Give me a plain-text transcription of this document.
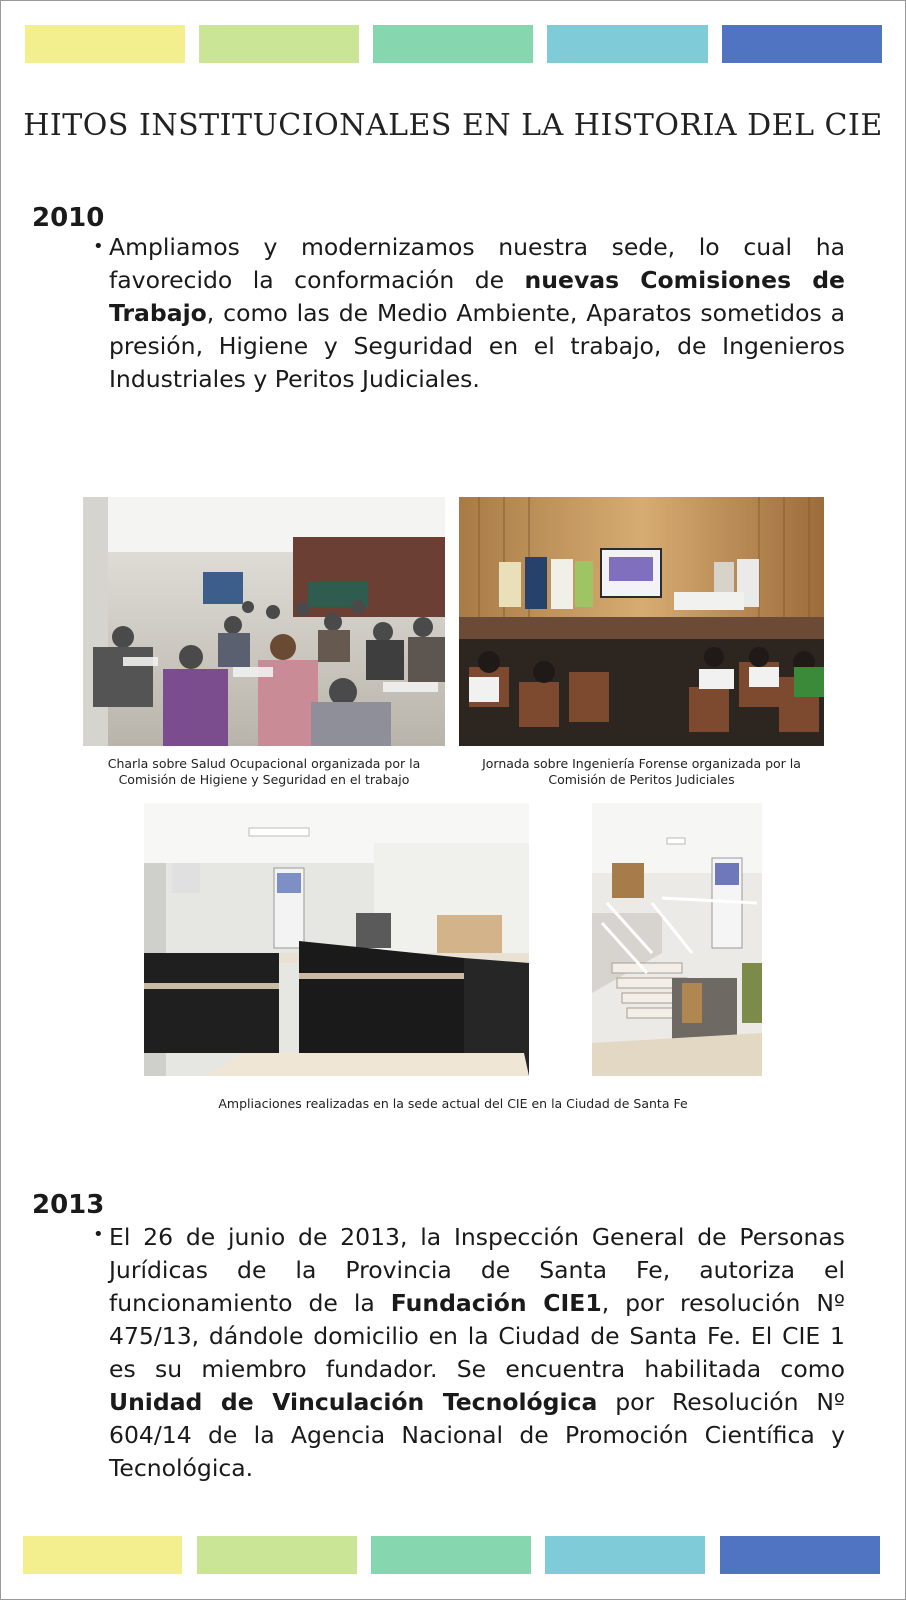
HITOS INSTITUCIONALES EN LA HISTORIA DEL CIE
2010
• Ampliamos y modernizamos nuestra sede, lo cual ha favorecido la conformación de nuevas Comisiones de Trabajo, como las de Medio Ambiente, Aparatos sometidos a presión, Higiene y Seguridad en el trabajo, de Ingenieros Industriales y Peritos Judiciales.

Charla sobre Salud Ocupacional organizada por la Comisión de Higiene y Seguridad en el trabajo
Jornada sobre Ingeniería Forense organizada por la Comisión de Peritos Judiciales
Ampliaciones realizadas en la sede actual del CIE en la Ciudad de Santa Fe
2013
• El 26 de junio de 2013, la Inspección General de Personas Jurídicas de la Provincia de Santa Fe, autoriza el funcionamiento de la Fundación CIE1, por resolución Nº 475/13, dándole domicilio en la Ciudad de Santa Fe. El CIE 1 es su miembro fundador. Se encuentra habilitada como Unidad de Vinculación Tecnológica por Resolución Nº 604/14 de la Agencia Nacional de Promoción Científica y Tecnológica.
